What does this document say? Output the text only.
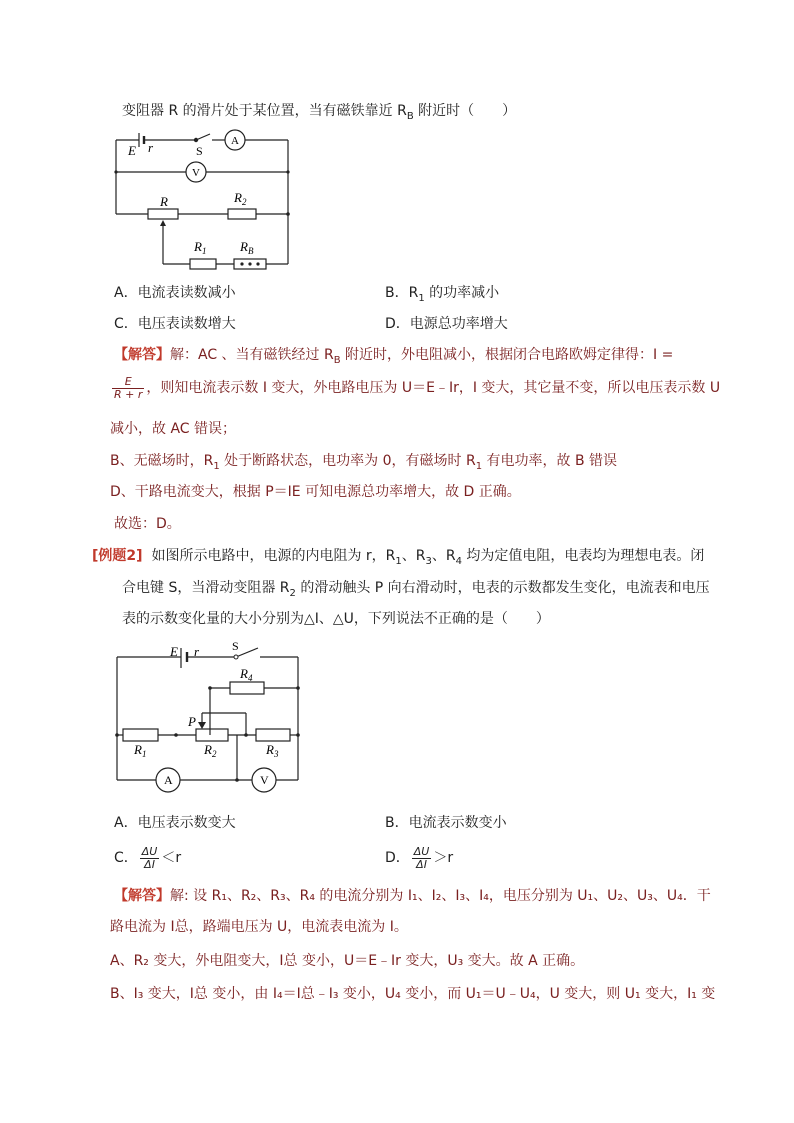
变阻器 R 的滑片处于某位置，当有磁铁靠近 $R_B$ 附近时（　　）
E r	S
A
V
R	$R_2$
$R_1$	$R_B$
A．电流表读数减小	B．$R_1$ 的功率减小
C．电压表读数增大	D．电源总功率增大
【解答】解：AC 、当有磁铁经过 $R_B$ 附近时，外电阻减小，根据闭合电路欧姆定律得：I =
$\frac{E}{R + r}$ ，则知电流表示数 I 变大，外电路电压为 U＝E﹣Ir，I 变大，其它量不变，所以电压表示数 U
减小，故 AC 错误；
B、无磁场时，$R_1$ 处于断路状态，电功率为 0，有磁场时 $R_1$ 有电功率，故 B 错误
D、干路电流变大，根据 P＝IE 可知电源总功率增大，故 D 正确。
故选：D。
[例题2] 如图所示电路中，电源的内电阻为 r，$R_1$、$R_3$、$R_4$ 均为定值电阻，电表均为理想电表。闭
合电键 S，当滑动变阻器 $R_2$ 的滑动触头 P 向右滑动时，电表的示数都发生变化，电流表和电压
表的示数变化量的大小分别为△I、△U，下列说法不正确的是（　　）
E r	S
$R_4$
P
$R_1$	$R_2$	$R_3$
A	V
A．电压表示数变大	B．电流表示数变小
C． $\frac{\Delta U}{\Delta I} <r$	D． $\frac{\Delta U}{\Delta I} >r$
【解答】解: 设 R₁、R₂、R₃、R₄ 的电流分别为 I₁、I₂、I₃、I₄，电压分别为 U₁、U₂、U₃、U₄．干
路电流为 I总，路端电压为 U，电流表电流为 I。
A、R₂ 变大，外电阻变大，I总 变小，U＝E﹣Ir 变大，U₃ 变大。故 A 正确。
B、I₃ 变大，I总 变小，由 I₄＝I总﹣I₃ 变小，U₄ 变小，而 U₁＝U﹣U₄，U 变大，则 U₁ 变大，I₁ 变
